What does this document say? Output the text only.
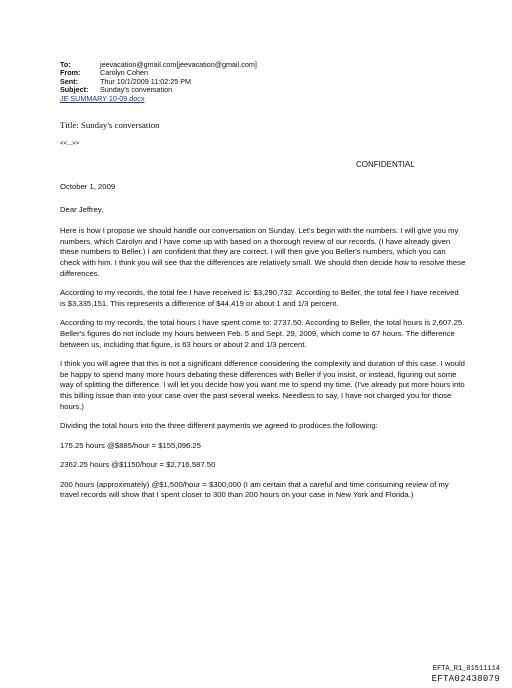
To:	jeevacation@gmail.com[jeevacation@gmail.com]
From:	Carolyn Cohen
Sent:	Thur 10/1/2009 11:02:25 PM
Subject:	Sunday's conversation
JE SUMMARY 10-09.docx
Title: Sunday's conversation
<<...>>
CONFIDENTIAL

October 1, 2009

Dear Jeffrey,

Here is how I propose we should handle our conversation on Sunday. Let's begin with the numbers. I will give you my numbers, which Carolyn and I have come up with based on a thorough review of our records. (I have already given these numbers to Beller.) I am confident that they are correct. I will then give you Beller's numbers, which you can check with him. I think you will see that the differences are relatively small. We should then decide how to resolve these differences.

According to my records, the total fee I have received is: $3,290,732. According to Beller, the total fee I have received is $3,335,151. This represents a difference of $44,419 or about 1 and 1/3 percent.

According to my records, the total hours I have spent come to: 2737.50. According to Beller, the total hours is 2,607.25. Beller's figures do not include my hours between Feb. 5 and Sept. 29, 2009, which come to 67 hours. The difference between us, including that figure, is 63 hours or about 2 and 1/3 percent.

I think you will agree that this is not a significant difference considering the complexity and duration of this case. I would be happy to spend many more hours debating these differences with Beller if you insist, or instead, figuring out some way of splitting the difference. I will let you decide how you want me to spend my time. (I've already put more hours into this billing issue than into your case over the past several weeks. Needless to say, I have not charged you for those hours.)

Dividing the total hours into the three different payments we agreed to produces the following:

175.25 hours @$885/hour = $155,096.25

2362.25 hours @$1150/hour = $2,716,587.50

200 hours (approximately) @$1,500/hour = $300,000 (I am certain that a careful and time consuming review of my travel records will show that I spent closer to 300 than 200 hours on your case in New York and Florida.)

EFTA_R1_01511114
EFTA02438079
